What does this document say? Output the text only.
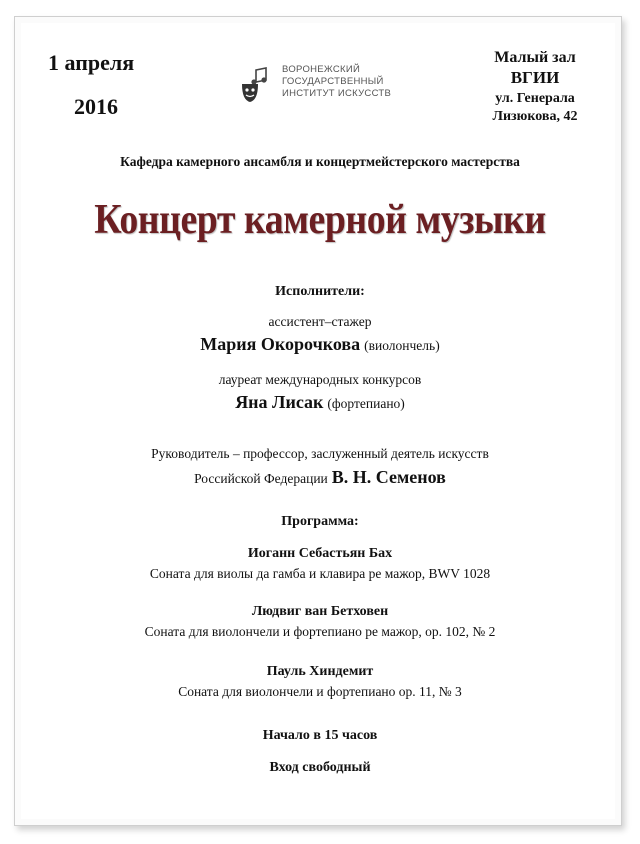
1 апреля
2016
ВОРОНЕЖСКИЙ
ГОСУДАРСТВЕННЫЙ
ИНСТИТУТ ИСКУССТВ
Малый зал
ВГИИ
ул. Генерала
Лизюкова, 42
Кафедра камерного ансамбля и концертмейстерского мастерства
Концерт камерной музыки
Исполнители:
ассистент–стажер
Мария Окорочкова (виолончель)
лауреат международных конкурсов
Яна Лисак (фортепиано)
Руководитель – профессор, заслуженный деятель искусств
Российской Федерации В. Н. Семенов
Программа:
Иоганн Себастьян Бах
Соната для виолы да гамба и клавира ре мажор, BWV 1028
Людвиг ван Бетховен
Соната для виолончели и фортепиано ре мажор, ор. 102, № 2
Пауль Хиндемит
Соната для виолончели и фортепиано ор. 11, № 3
Начало в 15 часов
Вход свободный
